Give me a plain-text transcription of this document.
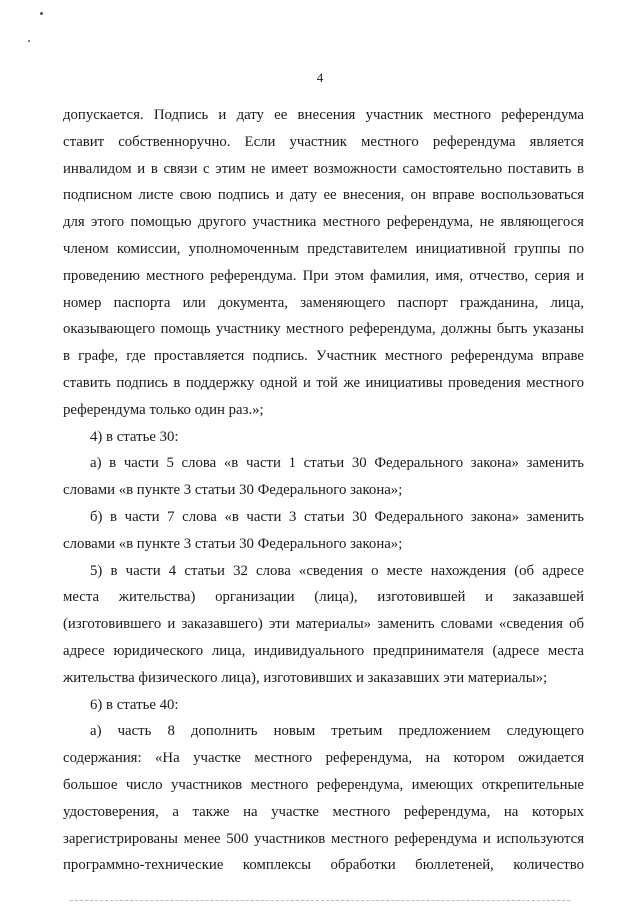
4
допускается. Подпись и дату ее внесения участник местного референдума
ставит собственноручно. Если участник местного референдума является
инвалидом и в связи с этим не имеет возможности самостоятельно поставить в
подписном листе свою подпись и дату ее внесения, он вправе воспользоваться
для этого помощью другого участника местного референдума, не являющегося
членом комиссии, уполномоченным представителем инициативной группы по
проведению местного референдума. При этом фамилия, имя, отчество, серия и
номер паспорта или документа, заменяющего паспорт гражданина, лица,
оказывающего помощь участнику местного референдума, должны быть указаны
в графе, где проставляется подпись. Участник местного референдума вправе
ставить подпись в поддержку одной и той же инициативы проведения местного
референдума только один раз.»;
4) в статье 30:
а) в части 5 слова «в части 1 статьи 30 Федерального закона» заменить
словами «в пункте 3 статьи 30 Федерального закона»;
б) в части 7 слова «в части 3 статьи 30 Федерального закона» заменить
словами «в пункте 3 статьи 30 Федерального закона»;
5) в части 4 статьи 32 слова «сведения о месте нахождения (об адресе
места жительства) организации (лица), изготовившей и заказавшей
(изготовившего и заказавшего) эти материалы» заменить словами «сведения об
адресе юридического лица, индивидуального предпринимателя (адресе места
жительства физического лица), изготовивших и заказавших эти материалы»;
6) в статье 40:
а) часть 8 дополнить новым третьим предложением следующего
содержания: «На участке местного референдума, на котором ожидается
большое число участников местного референдума, имеющих открепительные
удостоверения, а также на участке местного референдума, на которых
зарегистрированы менее 500 участников местного референдума и используются
программно-технические комплексы обработки бюллетеней, количество
